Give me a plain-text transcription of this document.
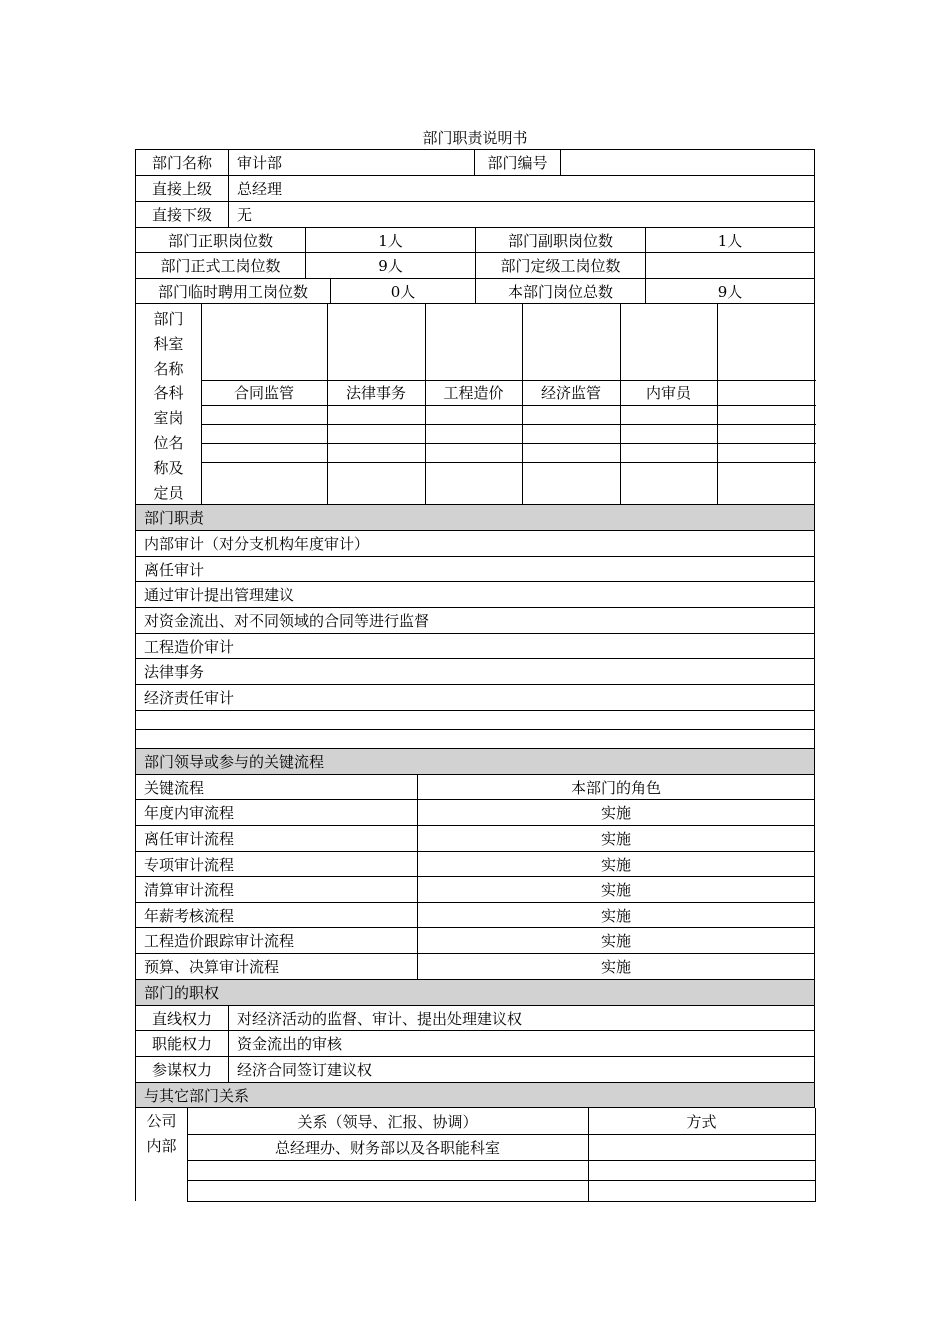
部门职责说明书
部门名称	审计部	部门编号
直接上级	总经理
直接下级	无
部门正职岗位数	1人	部门副职岗位数	1人
部门正式工岗位数	9人	部门定级工岗位数
部门临时聘用工岗位数	0人	本部门岗位总数	9人
部门
科室
名称
各科
室岗
位名
称及
定员
合同监管	法律事务	工程造价	经济监管	内审员
部门职责
内部审计（对分支机构年度审计）
离任审计
通过审计提出管理建议
对资金流出、对不同领域的合同等进行监督
工程造价审计
法律事务
经济责任审计
部门领导或参与的关键流程
关键流程	本部门的角色
年度内审流程	实施
离任审计流程	实施
专项审计流程	实施
清算审计流程	实施
年薪考核流程	实施
工程造价跟踪审计流程	实施
预算、决算审计流程	实施
部门的职权
直线权力	对经济活动的监督、审计、提出处理建议权
职能权力	资金流出的审核
参谋权力	经济合同签订建议权
与其它部门关系
公司
内部
关系（领导、汇报、协调）	方式
总经理办、财务部以及各职能科室
